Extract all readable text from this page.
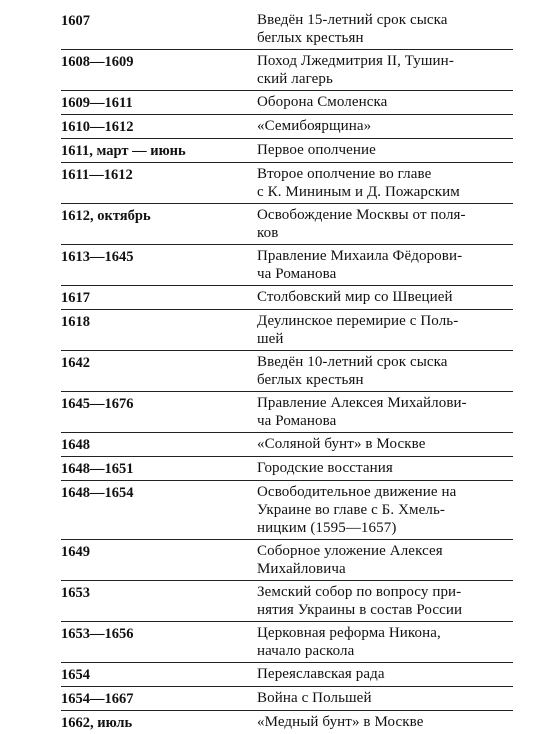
1607	Введён 15-летний срок сыска
беглых крестьян
1608—1609	Поход Лжедмитрия II, Тушин-
ский лагерь
1609—1611	Оборона Смоленска
1610—1612	«Семибоярщина»
1611, март — июнь	Первое ополчение
1611—1612	Второе ополчение во главе
с К. Мининым и Д. Пожарским
1612, октябрь	Освобождение Москвы от поля-
ков
1613—1645	Правление Михаила Фёдорови-
ча Романова
1617	Столбовский мир со Швецией
1618	Деулинское перемирие с Поль-
шей
1642	Введён 10-летний срок сыска
беглых крестьян
1645—1676	Правление Алексея Михайлови-
ча Романова
1648	«Соляной бунт» в Москве
1648—1651	Городские восстания
1648—1654	Освободительное движение на
Украине во главе с Б. Хмель-
ницким (1595—1657)
1649	Соборное уложение Алексея
Михайловича
1653	Земский собор по вопросу при-
нятия Украины в состав России
1653—1656	Церковная реформа Никона,
начало раскола
1654	Переяславская рада
1654—1667	Война с Польшей
1662, июль	«Медный бунт» в Москве
